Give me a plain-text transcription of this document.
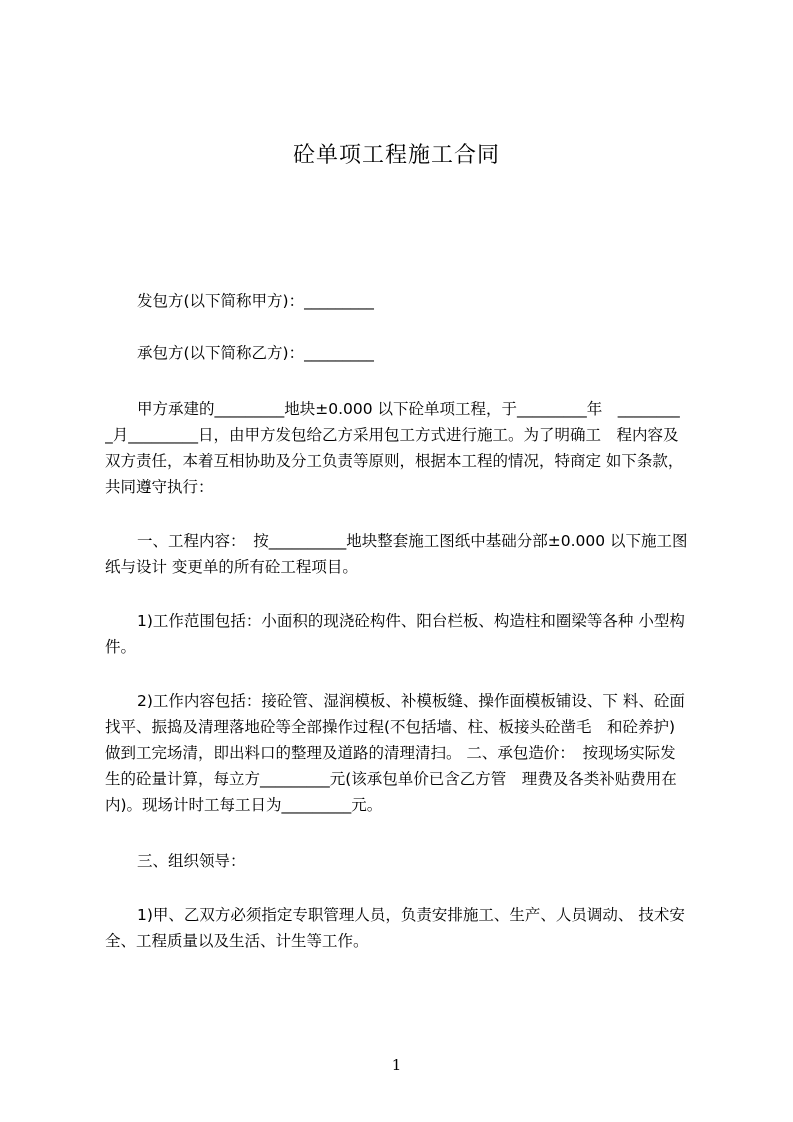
砼单项工程施工合同
发包方(以下简称甲方)：_________
承包方(以下简称乙方)：_________
甲方承建的_________地块±0.000 以下砼单项工程，于_________年　________
_月_________日，由甲方发包给乙方采用包工方式进行施工。为了明确工　程内容及
双方责任，本着互相协助及分工负责等原则，根据本工程的情况，特商定 如下条款，
共同遵守执行：
一、工程内容：　按__________地块整套施工图纸中基础分部±0.000 以下施工图
纸与设计 变更单的所有砼工程项目。
1)工作范围包括：小面积的现浇砼构件、阳台栏板、构造柱和圈梁等各种 小型构
件。
2)工作内容包括：接砼管、湿润模板、补模板缝、操作面模板铺设、下 料、砼面
找平、振捣及清理落地砼等全部操作过程(不包括墙、柱、板接头砼凿毛　和砼养护)
做到工完场清，即出料口的整理及道路的清理清扫。 二、承包造价：　按现场实际发
生的砼量计算，每立方_________元(该承包单价已含乙方管　理费及各类补贴费用在
内)。现场计时工每工日为_________元。
三、组织领导：
1)甲、乙双方必须指定专职管理人员，负责安排施工、生产、人员调动、 技术安
全、工程质量以及生活、计生等工作。
1
